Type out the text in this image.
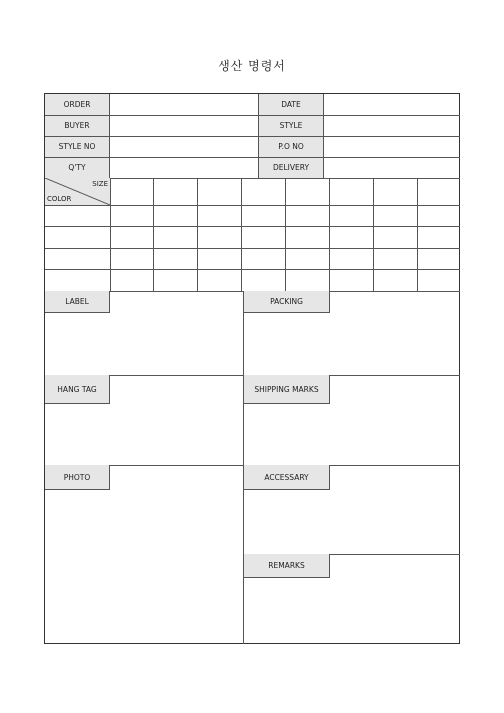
생산 명령서
ORDER	DATE
BUYER	STYLE
STYLE NO	P.O NO
Q'TY	DELIVERY
SIZE
COLOR
LABEL	PACKING
HANG TAG	SHIPPING MARKS
PHOTO	ACCESSARY
REMARKS
